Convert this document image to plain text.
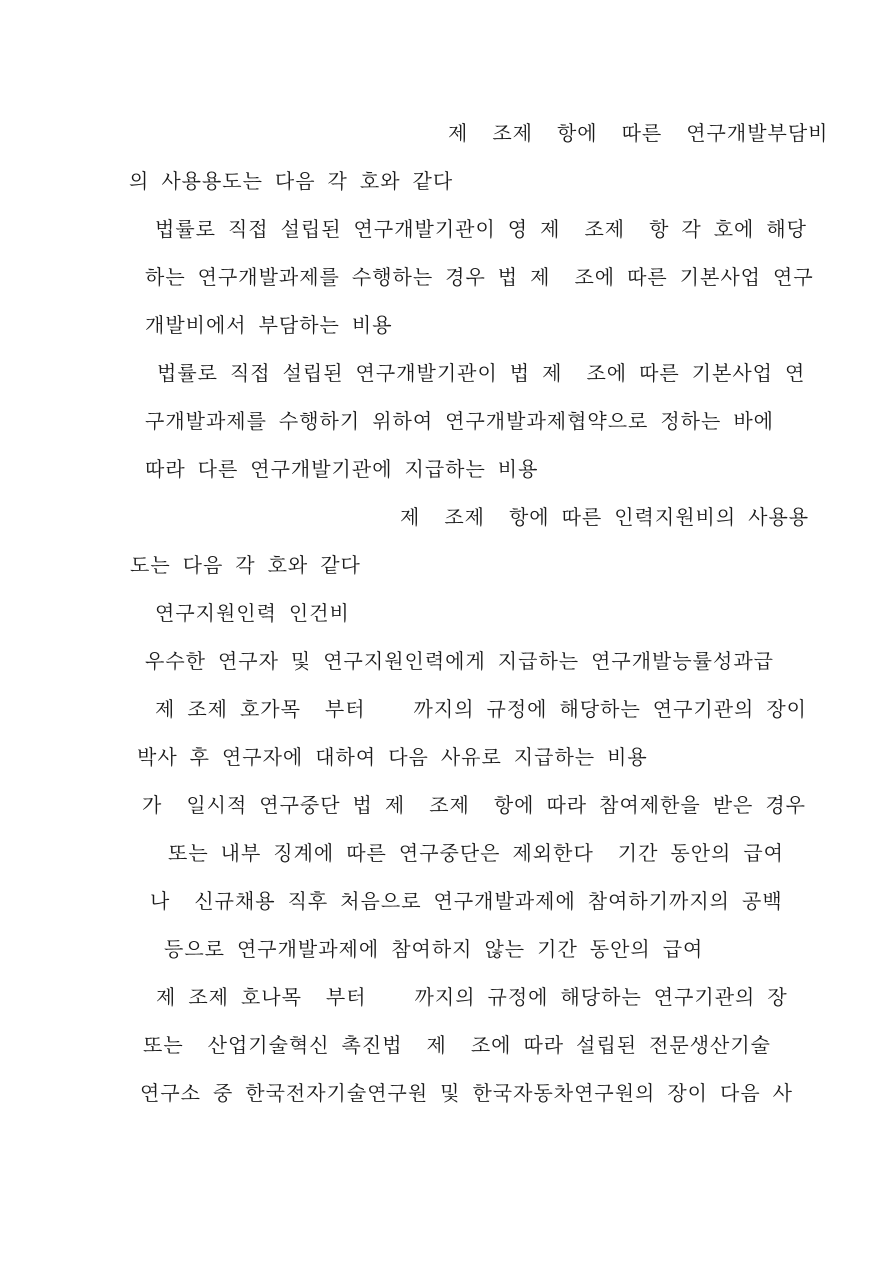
제  조제  항에  따른  연구개발부담비
의 사용용도는 다음 각 호와 같다
법률로 직접 설립된 연구개발기관이 영 제  조제  항 각 호에 해당
하는 연구개발과제를 수행하는 경우 법 제  조에 따른 기본사업 연구
개발비에서 부담하는 비용
법률로 직접 설립된 연구개발기관이 법 제  조에 따른 기본사업 연
구개발과제를 수행하기 위하여 연구개발과제협약으로 정하는 바에
따라 다른 연구개발기관에 지급하는 비용
제  조제  항에 따른 인력지원비의 사용용
도는 다음 각 호와 같다
연구지원인력 인건비
우수한 연구자 및 연구지원인력에게 지급하는 연구개발능률성과급
제 조제 호가목  부터    까지의 규정에 해당하는 연구기관의 장이
박사 후 연구자에 대하여 다음 사유로 지급하는 비용
가  일시적 연구중단 법 제  조제  항에 따라 참여제한을 받은 경우
또는 내부 징계에 따른 연구중단은 제외한다  기간 동안의 급여
나  신규채용 직후 처음으로 연구개발과제에 참여하기까지의 공백
등으로 연구개발과제에 참여하지 않는 기간 동안의 급여
제 조제 호나목  부터    까지의 규정에 해당하는 연구기관의 장
또는  산업기술혁신 촉진법  제  조에 따라 설립된 전문생산기술
연구소 중 한국전자기술연구원 및 한국자동차연구원의 장이 다음 사
